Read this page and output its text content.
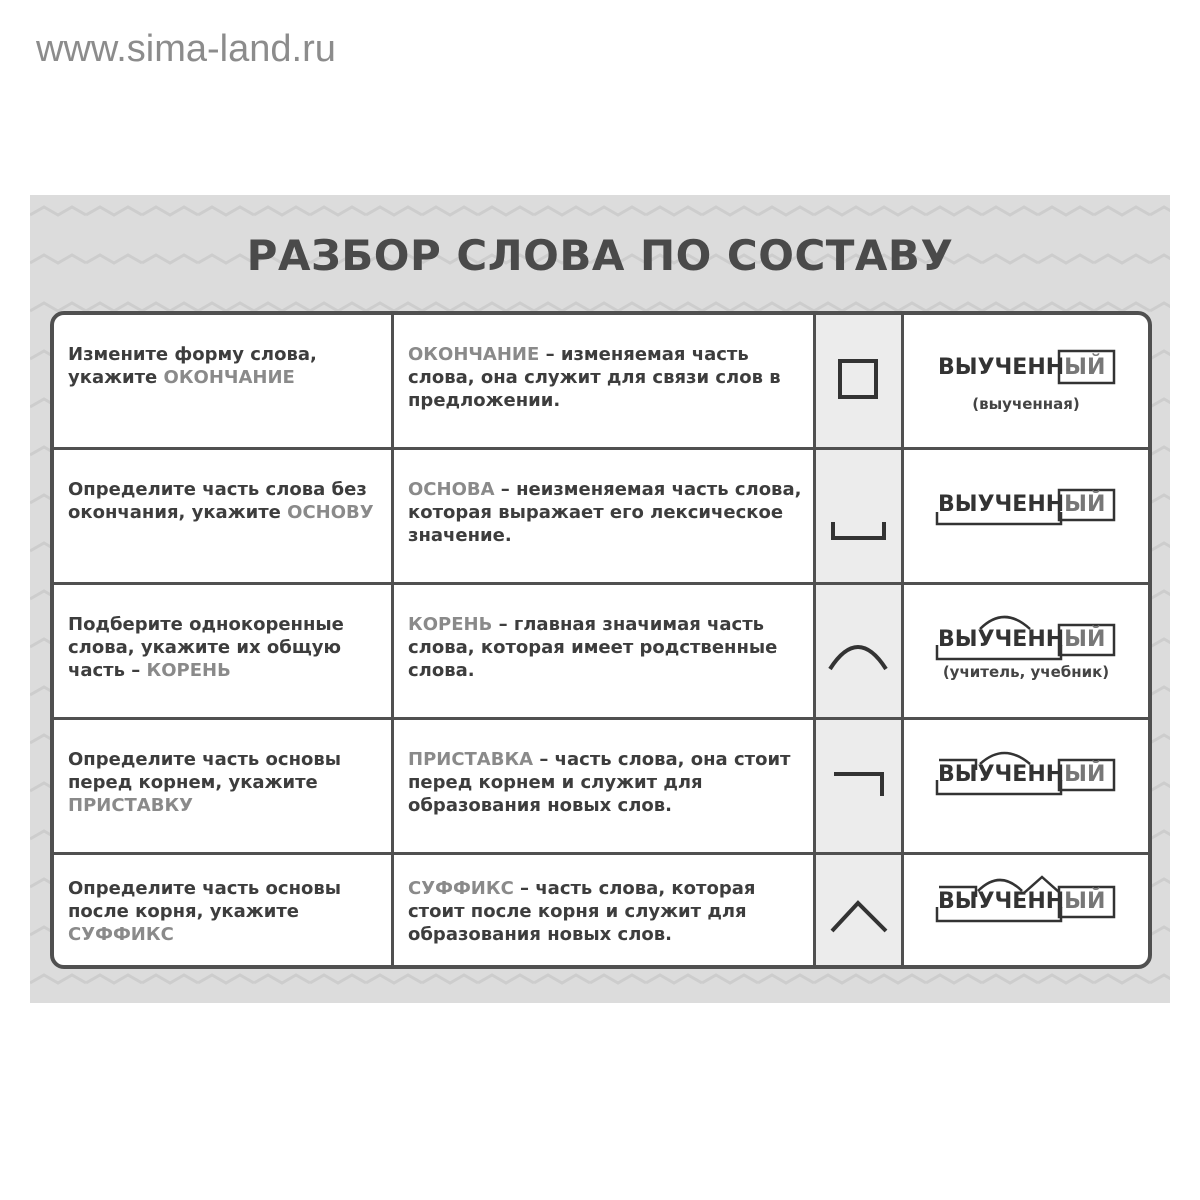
www.sima-land.ru
РАЗБОР СЛОВА ПО СОСТАВУ
Измените форму слова, укажите ОКОНЧАНИЕ
ОКОНЧАНИЕ – изменяемая часть слова, она служит для связи слов в предложении.
ВЫУЧЕННЫЙ
(выученная)
Определите часть слова без окончания, укажите ОСНОВУ
ОСНОВА – неизменяемая часть слова, которая выражает его лексическое значение.
ВЫУЧЕННЫЙ
Подберите однокоренные слова, укажите их общую часть – КОРЕНЬ
КОРЕНЬ – главная значимая часть слова, которая имеет родственные слова.
ВЫУЧЕННЫЙ
(учитель, учебник)
Определите часть основы перед корнем, укажите ПРИСТАВКУ
ПРИСТАВКА – часть слова, она стоит перед корнем и служит для образования новых слов.
ВЫУЧЕННЫЙ
Определите часть основы после корня, укажите СУФФИКС
СУФФИКС – часть слова, которая стоит после корня и служит для образования новых слов.
ВЫУЧЕННЫЙ
